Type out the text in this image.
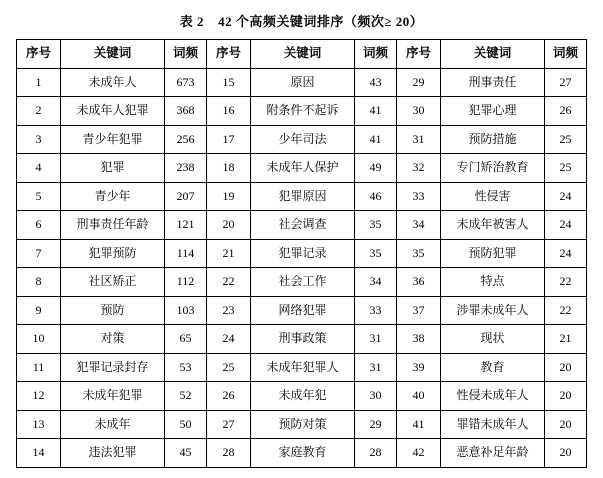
表 2 42 个高频关键词排序（频次≥ 20）
序号	关键词	词频	序号	关键词	词频	序号	关键词	词频
1	未成年人	673	15	原因	43	29	刑事责任	27
2	未成年人犯罪	368	16	附条件不起诉	41	30	犯罪心理	26
3	青少年犯罪	256	17	少年司法	41	31	预防措施	25
4	犯罪	238	18	未成年人保护	49	32	专门矫治教育	25
5	青少年	207	19	犯罪原因	46	33	性侵害	24
6	刑事责任年龄	121	20	社会调查	35	34	未成年被害人	24
7	犯罪预防	114	21	犯罪记录	35	35	预防犯罪	24
8	社区矫正	112	22	社会工作	34	36	特点	22
9	预防	103	23	网络犯罪	33	37	涉罪未成年人	22
10	对策	65	24	刑事政策	31	38	现状	21
11	犯罪记录封存	53	25	未成年犯罪人	31	39	教育	20
12	未成年犯罪	52	26	未成年犯	30	40	性侵未成年人	20
13	未成年	50	27	预防对策	29	41	罪错未成年人	20
14	违法犯罪	45	28	家庭教育	28	42	恶意补足年龄	20
